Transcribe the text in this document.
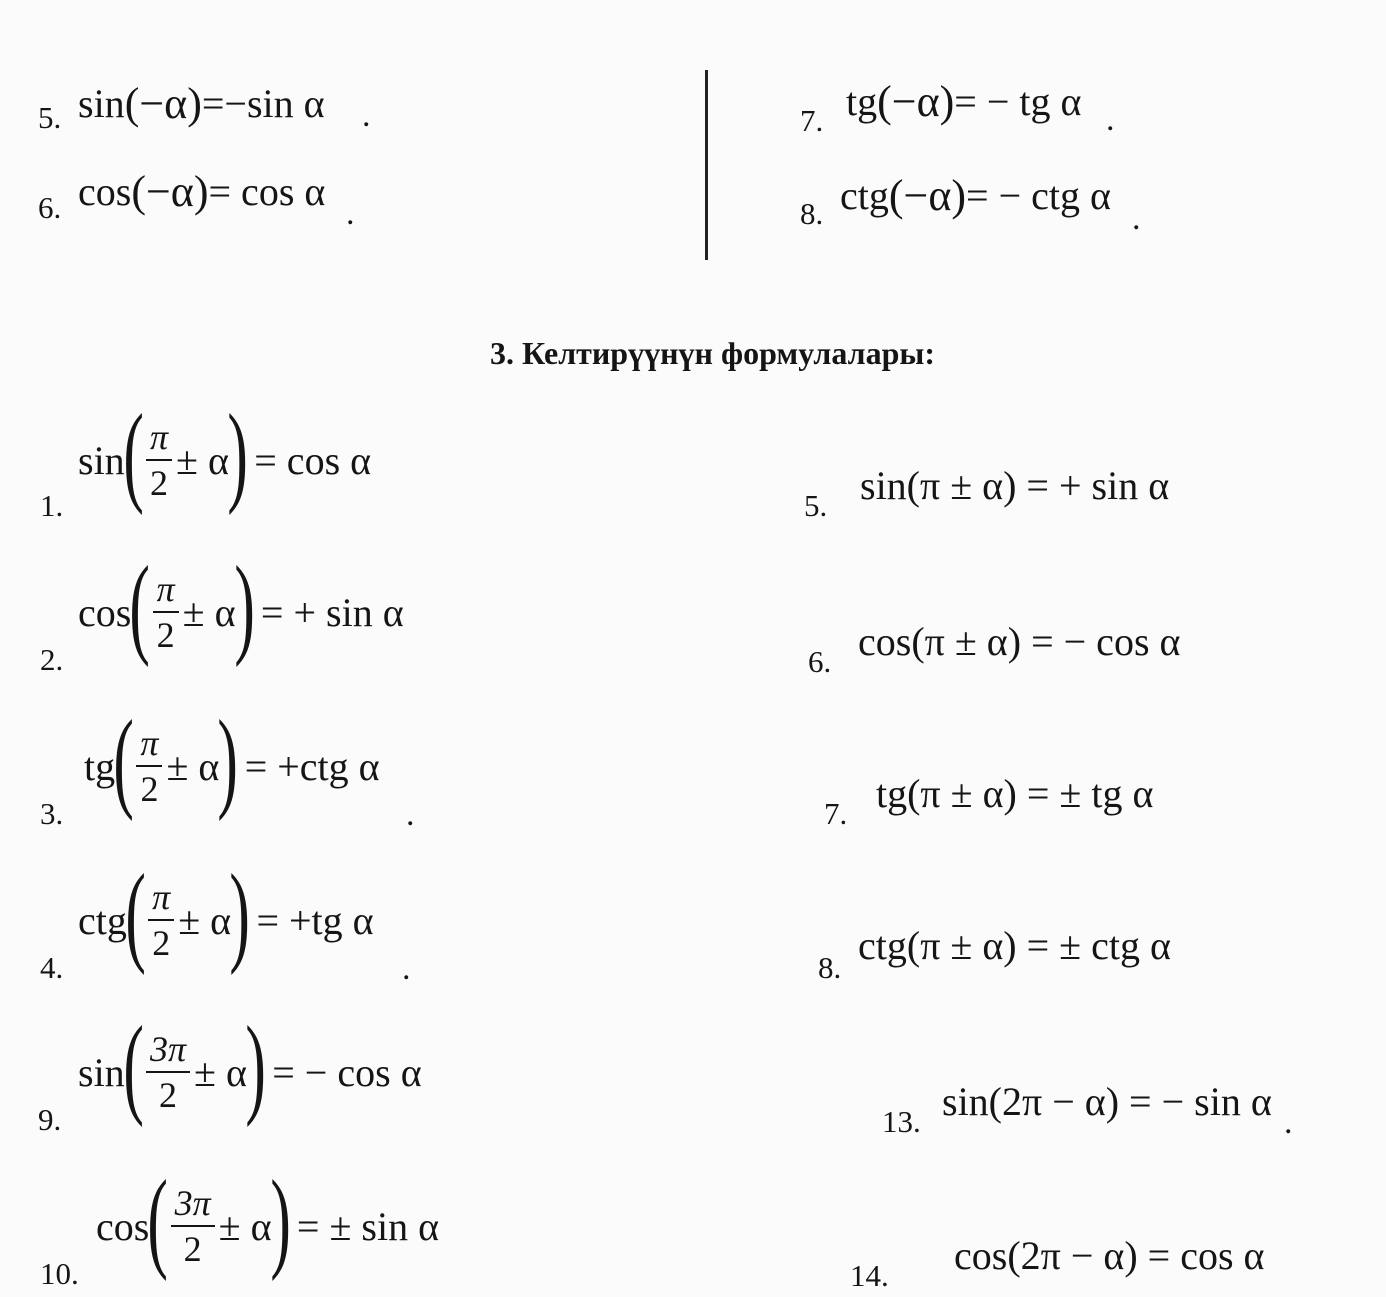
5. sin (−α) =−sin α .
6. cos (−α) = cos α .
7. tg (−α) = − tg α .
8. ctg (−α) = − ctg α
.
3. Келтирүүнүн формулалары:
1.
sin
( $\frac{\pi}{2} \pm \alpha$
) = cos α
2.
cos
( $\frac{\pi}{2} \pm \alpha$
) = + sin α
3.
tg
( $\frac{\pi}{2} \pm \alpha$
) = +ctg α
.
4.
ctg
( $\frac{\pi}{2} \pm \alpha$
) = +tg α
.
9.
sin
( $\frac{3\pi}{2} \pm \alpha$
) = − cos α
10.
cos
( $\frac{3\pi}{2} \pm \alpha$
) = ± sin α
5. sin(π ± α) = + sin α
6. cos(π ± α) = − cos α
7. tg(π ± α) = ± tg α
8. ctg(π ± α) = ± ctg α
13. sin(2π − α) = − sin α .
14. cos(2π − α) = cos α
